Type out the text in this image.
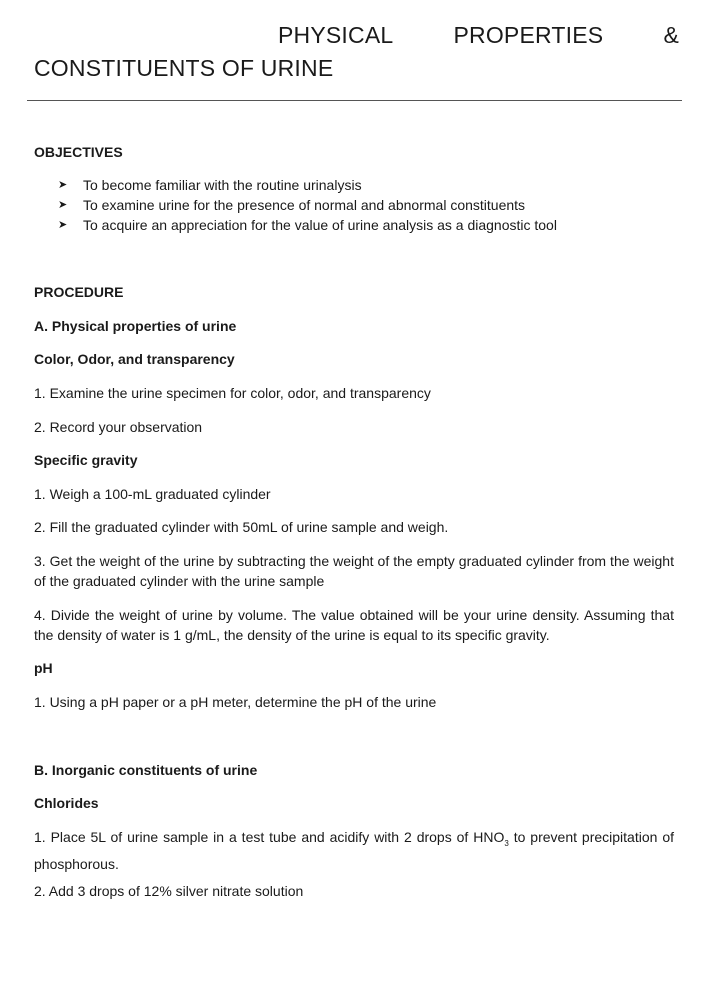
PHYSICAL	PROPERTIES	&
CONSTITUENTS OF URINE
OBJECTIVES
➤	To become familiar with the routine urinalysis
➤	To examine urine for the presence of normal and abnormal constituents
➤	To acquire an appreciation for the value of urine analysis as a diagnostic tool
PROCEDURE
A. Physical properties of urine
Color, Odor, and transparency
1. Examine the urine specimen for color, odor, and transparency
2. Record your observation
Specific gravity
1. Weigh a 100-mL graduated cylinder
2. Fill the graduated cylinder with 50mL of urine sample and weigh.
3. Get the weight of the urine by subtracting the weight of the empty graduated cylinder from the weight of the graduated cylinder with the urine sample
4. Divide the weight of urine by volume. The value obtained will be your urine density. Assuming that the density of water is 1 g/mL, the density of the urine is equal to its specific gravity.
pH
1. Using a pH paper or a pH meter, determine the pH of the urine
B. Inorganic constituents of urine
Chlorides
1. Place 5L of urine sample in a test tube and acidify with 2 drops of $HNO_3$ to prevent precipitation of phosphorous.
2. Add 3 drops of 12% silver nitrate solution
